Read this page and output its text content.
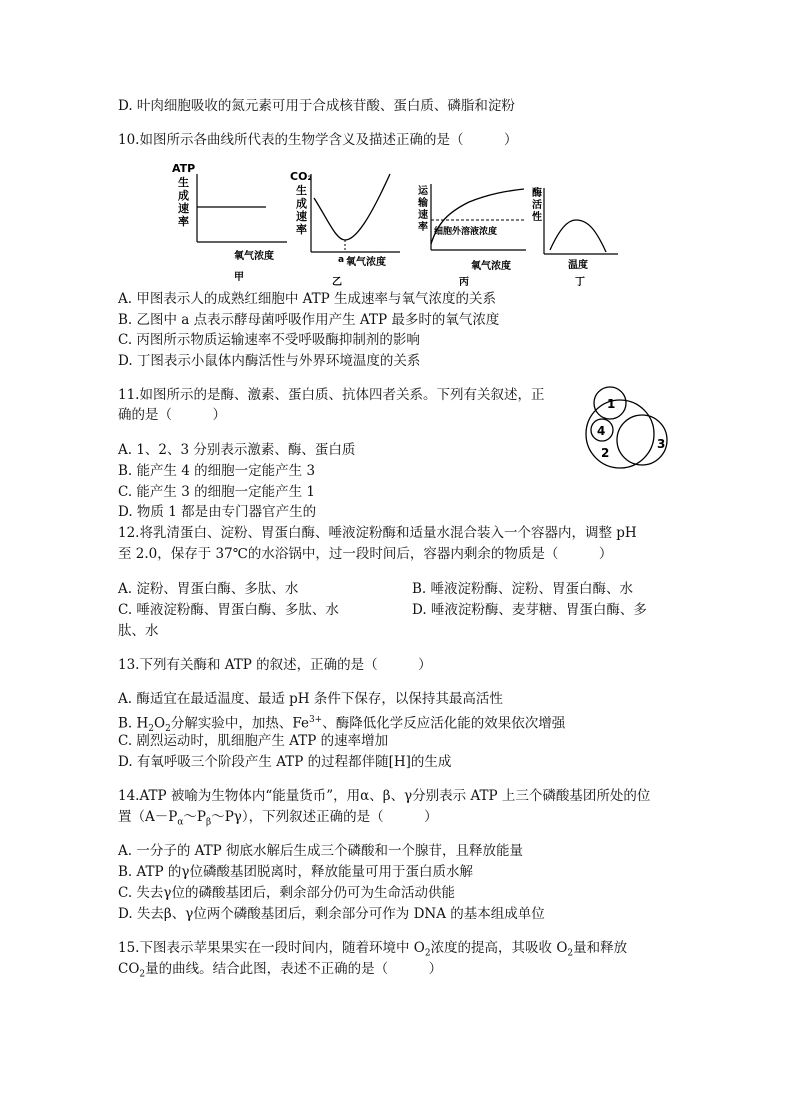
D. 叶肉细胞吸收的氮元素可用于合成核苷酸、蛋白质、磷脂和淀粉
10.如图所示各曲线所代表的生物学含义及描述正确的是（　　　）
ATP
生
成
速
率
氧气浓度
甲
CO₂
生
成
速
率
a 氧气浓度
乙
运
输
速
率 细胞外溶液浓度
氧气浓度
丙
酶
活
性
温度
丁
A. 甲图表示人的成熟红细胞中 ATP 生成速率与氧气浓度的关系
B. 乙图中 a 点表示酵母菌呼吸作用产生 ATP 最多时的氧气浓度
C. 丙图所示物质运输速率不受呼吸酶抑制剂的影响
D. 丁图表示小鼠体内酶活性与外界环境温度的关系
11.如图所示的是酶、激素、蛋白质、抗体四者关系。下列有关叙述，正
确的是（　　　）
1
4
2
3
A. 1、2、3 分别表示激素、酶、蛋白质
B. 能产生 4 的细胞一定能产生 3
C. 能产生 3 的细胞一定能产生 1
D. 物质 1 都是由专门器官产生的
12.将乳清蛋白、淀粉、胃蛋白酶、唾液淀粉酶和适量水混合装入一个容器内，调整 pH
至 2.0，保存于 37℃的水浴锅中，过一段时间后，容器内剩余的物质是（　　　）
A. 淀粉、胃蛋白酶、多肽、水	B. 唾液淀粉酶、淀粉、胃蛋白酶、水
C. 唾液淀粉酶、胃蛋白酶、多肽、水	D. 唾液淀粉酶、麦芽糖、胃蛋白酶、多
肽、水
13.下列有关酶和 ATP 的叙述，正确的是（　　　）
A. 酶适宜在最适温度、最适 pH 条件下保存，以保持其最高活性
B. $H_2O_2$分解实验中，加热、$Fe^{3+}$、酶降低化学反应活化能的效果依次增强
C. 剧烈运动时，肌细胞产生 ATP 的速率增加
D. 有氧呼吸三个阶段产生 ATP 的过程都伴随[H]的生成
14.ATP 被喻为生物体内“能量货币”，用α、β、γ分别表示 ATP 上三个磷酸基团所处的位
置$(A-P_\alpha\sim P_\beta\sim P\gamma)$，下列叙述正确的是（　　　）
A. 一分子的 ATP 彻底水解后生成三个磷酸和一个腺苷，且释放能量
B. ATP 的γ位磷酸基团脱离时，释放能量可用于蛋白质水解
C. 失去γ位的磷酸基团后，剩余部分仍可为生命活动供能
D. 失去β、γ位两个磷酸基团后，剩余部分可作为 DNA 的基本组成单位
15.下图表示苹果果实在一段时间内，随着环境中 $O_2$浓度的提高，其吸收 $O_2$量和释放
$CO_2$量的曲线。结合此图，表述不正确的是（　　　）
